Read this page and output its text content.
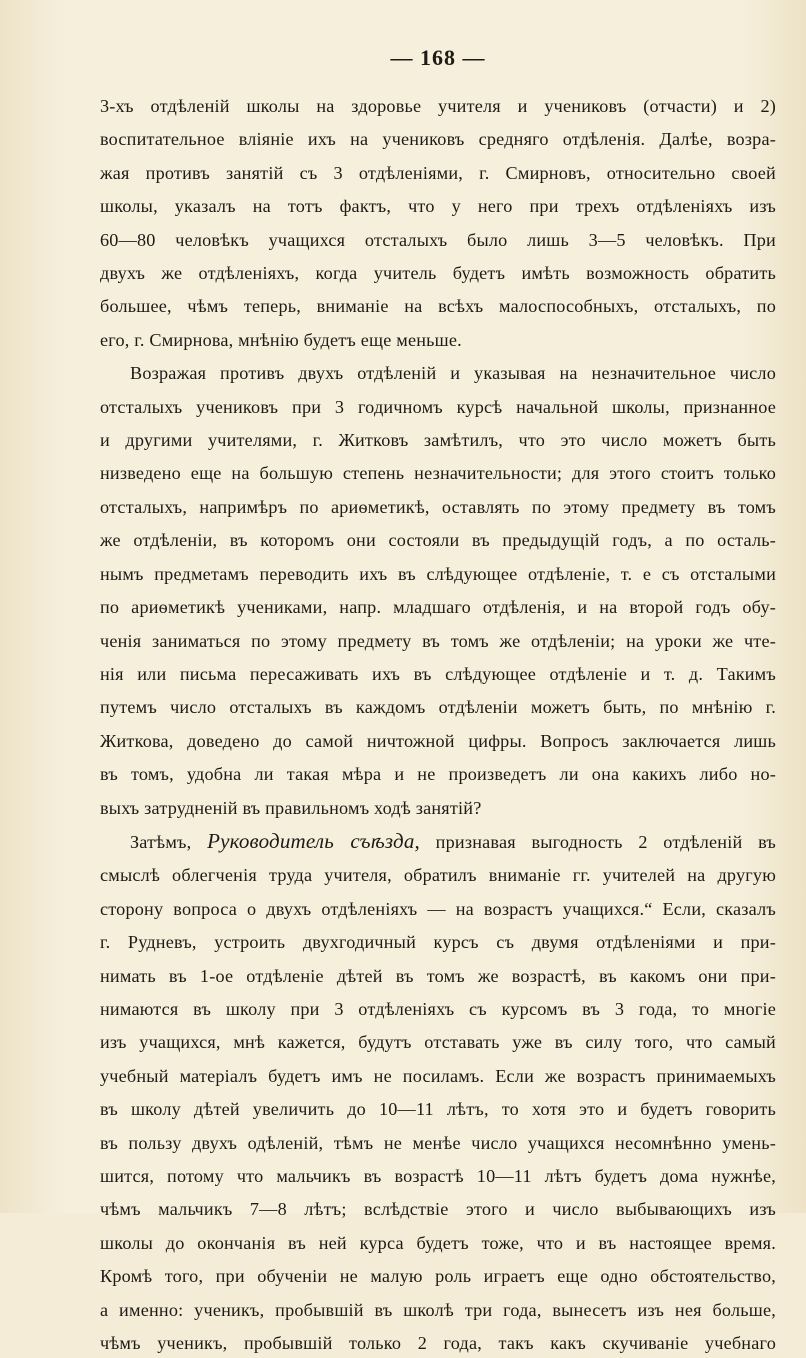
— 168 —

3-хъ отдѣленій школы на здоровье учителя и учениковъ (отчасти) и 2)

воспитательное вліяніе ихъ на учениковъ средняго отдѣленія. Далѣе, возра-

жая противъ занятій съ 3 отдѣленіями, г. Смирновъ, относительно своей

школы, указалъ на тотъ фактъ, что у него при трехъ отдѣленіяхъ изъ

60—80 человѣкъ учащихся отсталыхъ было лишь 3—5 человѣкъ. При

двухъ же отдѣленіяхъ, когда учитель будетъ имѣть возможность обратить

большее, чѣмъ теперь, вниманіе на всѣхъ малоспособныхъ, отсталыхъ, по

его, г. Смирнова, мнѣнію будетъ еще меньше.

Возражая противъ двухъ отдѣленій и указывая на незначительное число

отсталыхъ учениковъ при 3 годичномъ курсѣ начальной школы, признанное

и другими учителями, г. Житковъ замѣтилъ, что это число можетъ быть

низведено еще на большую степень незначительности; для этого стоитъ только

отсталыхъ, напримѣръ по ариѳметикѣ, оставлять по этому предмету въ томъ

же отдѣленіи, въ которомъ они состояли въ предыдущій годъ, а по осталь-

нымъ предметамъ переводить ихъ въ слѣдующее отдѣленіе, т. е съ отсталыми

по ариѳметикѣ учениками, напр. младшаго отдѣленія, и на второй годъ обу-

ченія заниматься по этому предмету въ томъ же отдѣленіи; на уроки же чте-

нія или письма пересаживать ихъ въ слѣдующее отдѣленіе и т. д. Такимъ

путемъ число отсталыхъ въ каждомъ отдѣленіи можетъ быть, по мнѣнію г.

Житкова, доведено до самой ничтожной цифры. Вопросъ заключается лишь

въ томъ, удобна ли такая мѣра и не произведетъ ли она какихъ либо но-

выхъ затрудненій въ правильномъ ходѣ занятій?

Затѣмъ, Руководитель съѣзда, признавая выгодность 2 отдѣленій въ

смыслѣ облегченія труда учителя, обратилъ вниманіе гг. учителей на другую

сторону вопроса о двухъ отдѣленіяхъ — на возрастъ учащихся.“ Если, сказалъ

г. Рудневъ, устроить двухгодичный курсъ съ двумя отдѣленіями и при-

нимать въ 1-ое отдѣленіе дѣтей въ томъ же возрастѣ, въ какомъ они при-

нимаются въ школу при 3 отдѣленіяхъ съ курсомъ въ 3 года, то многіе

изъ учащихся, мнѣ кажется, будутъ отставать уже въ силу того, что самый

учебный матеріалъ будетъ имъ не посиламъ. Если же возрастъ принимаемыхъ

въ школу дѣтей увеличить до 10—11 лѣтъ, то хотя это и будетъ говорить

въ пользу двухъ одѣленій, тѣмъ не менѣе число учащихся несомнѣнно умень-

шится, потому что мальчикъ въ возрастѣ 10—11 лѣтъ будетъ дома нужнѣе,

чѣмъ мальчикъ 7—8 лѣтъ; вслѣдствіе этого и число выбывающихъ изъ

школы до окончанія въ ней курса будетъ тоже, что и въ настоящее время.

Кромѣ того, при обученіи не малую роль играетъ еще одно обстоятельство,

а именно: ученикъ, пробывшій въ школѣ три года, вынесетъ изъ нея больше,

чѣмъ ученикъ, пробывшій только 2 года, такъ какъ скучиваніе учебнаго
